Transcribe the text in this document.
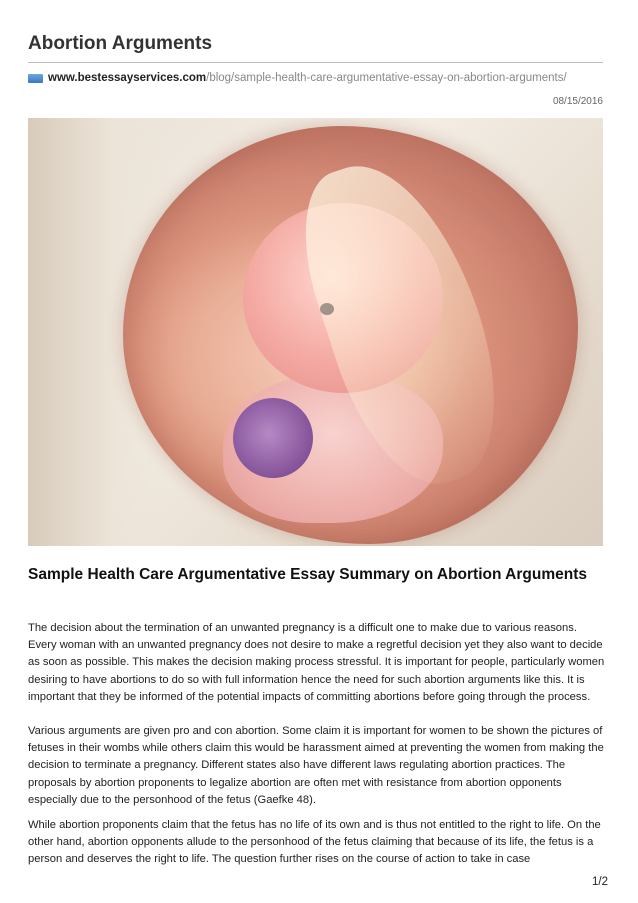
Abortion Arguments
www.bestessayservices.com /blog/sample-health-care-argumentative-essay-on-abortion-arguments/
08/15/2016
Sample Health Care Argumentative Essay Summary on Abortion Arguments

The decision about the termination of an unwanted pregnancy is a difficult one to make due to various reasons. Every woman with an unwanted pregnancy does not desire to make a regretful decision yet they also want to decide as soon as possible. This makes the decision making process stressful. It is important for people, particularly women desiring to have abortions to do so with full information hence the need for such abortion arguments like this. It is important that they be informed of the potential impacts of committing abortions before going through the process.

Various arguments are given pro and con abortion. Some claim it is important for women to be shown the pictures of fetuses in their wombs while others claim this would be harassment aimed at preventing the women from making the decision to terminate a pregnancy. Different states also have different laws regulating abortion practices. The proposals by abortion proponents to legalize abortion are often met with resistance from abortion opponents especially due to the personhood of the fetus (Gaefke 48).

While abortion proponents claim that the fetus has no life of its own and is thus not entitled to the right to life. On the other hand, abortion opponents allude to the personhood of the fetus claiming that because of its life, the fetus is a person and deserves the right to life. The question further rises on the course of action to take in case

1/2
